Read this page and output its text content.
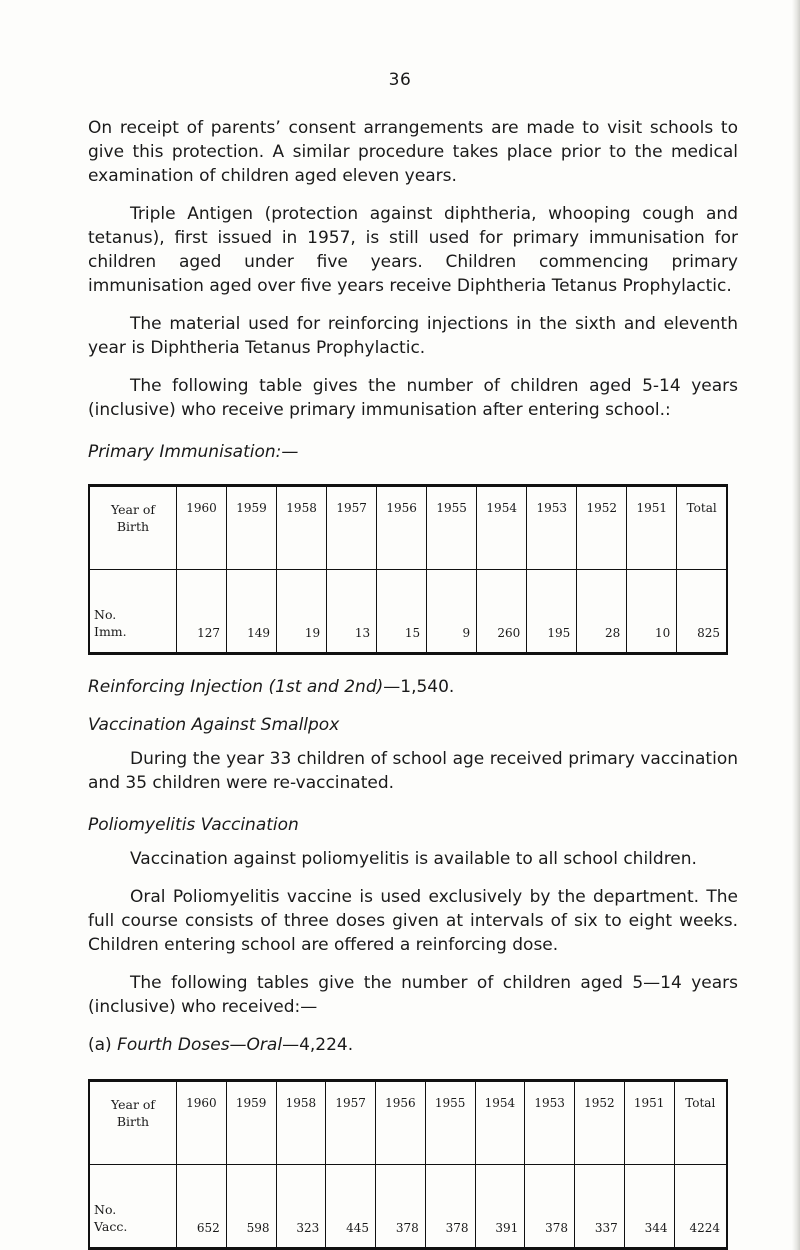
36

On receipt of parents’ consent arrangements are made to visit schools to give this protection. A similar procedure takes place prior to the medical examination of children aged eleven years.

Triple Antigen (protection against diphtheria, whooping cough and tetanus), first issued in 1957, is still used for primary immunisation for children aged under five years. Children commencing primary immunisation aged over five years receive Diphtheria Tetanus Prophylactic.

The material used for reinforcing injections in the sixth and eleventh year is Diphtheria Tetanus Prophylactic.

The following table gives the number of children aged 5-14 years (inclusive) who receive primary immunisation after entering school.:

Primary Immunisation:—

Year of
Birth	1960	1959	1958	1957	1956	1955	1954	1953	1952	1951	Total

No.
Imm.	127	149	19	13	15	9	260	195	28	10	825

Reinforcing Injection (1st and 2nd)—1,540.

Vaccination Against Smallpox

During the year 33 children of school age received primary vaccination and 35 children were re-vaccinated.

Poliomyelitis Vaccination

Vaccination against poliomyelitis is available to all school children.

Oral Poliomyelitis vaccine is used exclusively by the department. The full course consists of three doses given at intervals of six to eight weeks. Children entering school are offered a reinforcing dose.

The following tables give the number of children aged 5—14 years (inclusive) who received:—

(a) Fourth Doses—Oral—4,224.

Year of
Birth	1960	1959	1958	1957	1956	1955	1954	1953	1952	1951	Total

No.
Vacc.	652	598	323	445	378	378	391	378	337	344	4224
